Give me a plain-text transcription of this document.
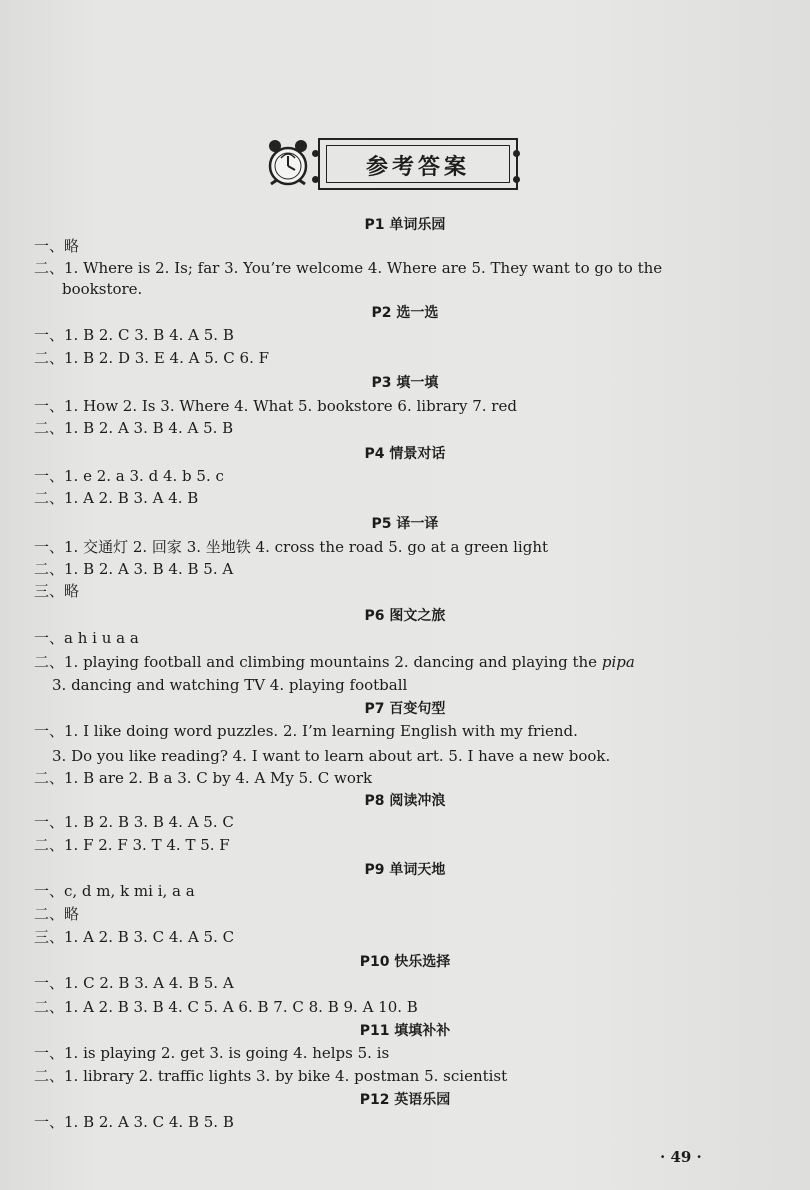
参考答案
P1 单词乐园
一、略
二、1. Where is 2. Is; far 3. You’re welcome 4. Where are 5. They want to go to the
bookstore.
P2 选一选
一、1. B 2. C 3. B 4. A 5. B
二、1. B 2. D 3. E 4. A 5. C 6. F
P3 填一填
一、1. How 2. Is 3. Where 4. What 5. bookstore 6. library 7. red
二、1. B 2. A 3. B 4. A 5. B
P4 情景对话
一、1. e 2. a 3. d 4. b 5. c
二、1. A 2. B 3. A 4. B
P5 译一译
一、1. 交通灯 2. 回家 3. 坐地铁 4. cross the road 5. go at a green light
二、1. B 2. A 3. B 4. B 5. A
三、略
P6 图文之旅
一、a h i u a a
二、1. playing football and climbing mountains 2. dancing and playing the pipa
3. dancing and watching TV 4. playing football
P7 百变句型
一、1. I like doing word puzzles. 2. I’m learning English with my friend.
3. Do you like reading? 4. I want to learn about art. 5. I have a new book.
二、1. B are 2. B a 3. C by 4. A My 5. C work
P8 阅读冲浪
一、1. B 2. B 3. B 4. A 5. C
二、1. F 2. F 3. T 4. T 5. F
P9 单词天地
一、c, d m, k mi i, a a
二、略
三、1. A 2. B 3. C 4. A 5. C
P10 快乐选择
一、1. C 2. B 3. A 4. B 5. A
二、1. A 2. B 3. B 4. C 5. A 6. B 7. C 8. B 9. A 10. B
P11 填填补补
一、1. is playing 2. get 3. is going 4. helps 5. is
二、1. library 2. traffic lights 3. by bike 4. postman 5. scientist
P12 英语乐园
一、1. B 2. A 3. C 4. B 5. B
· 49 ·
